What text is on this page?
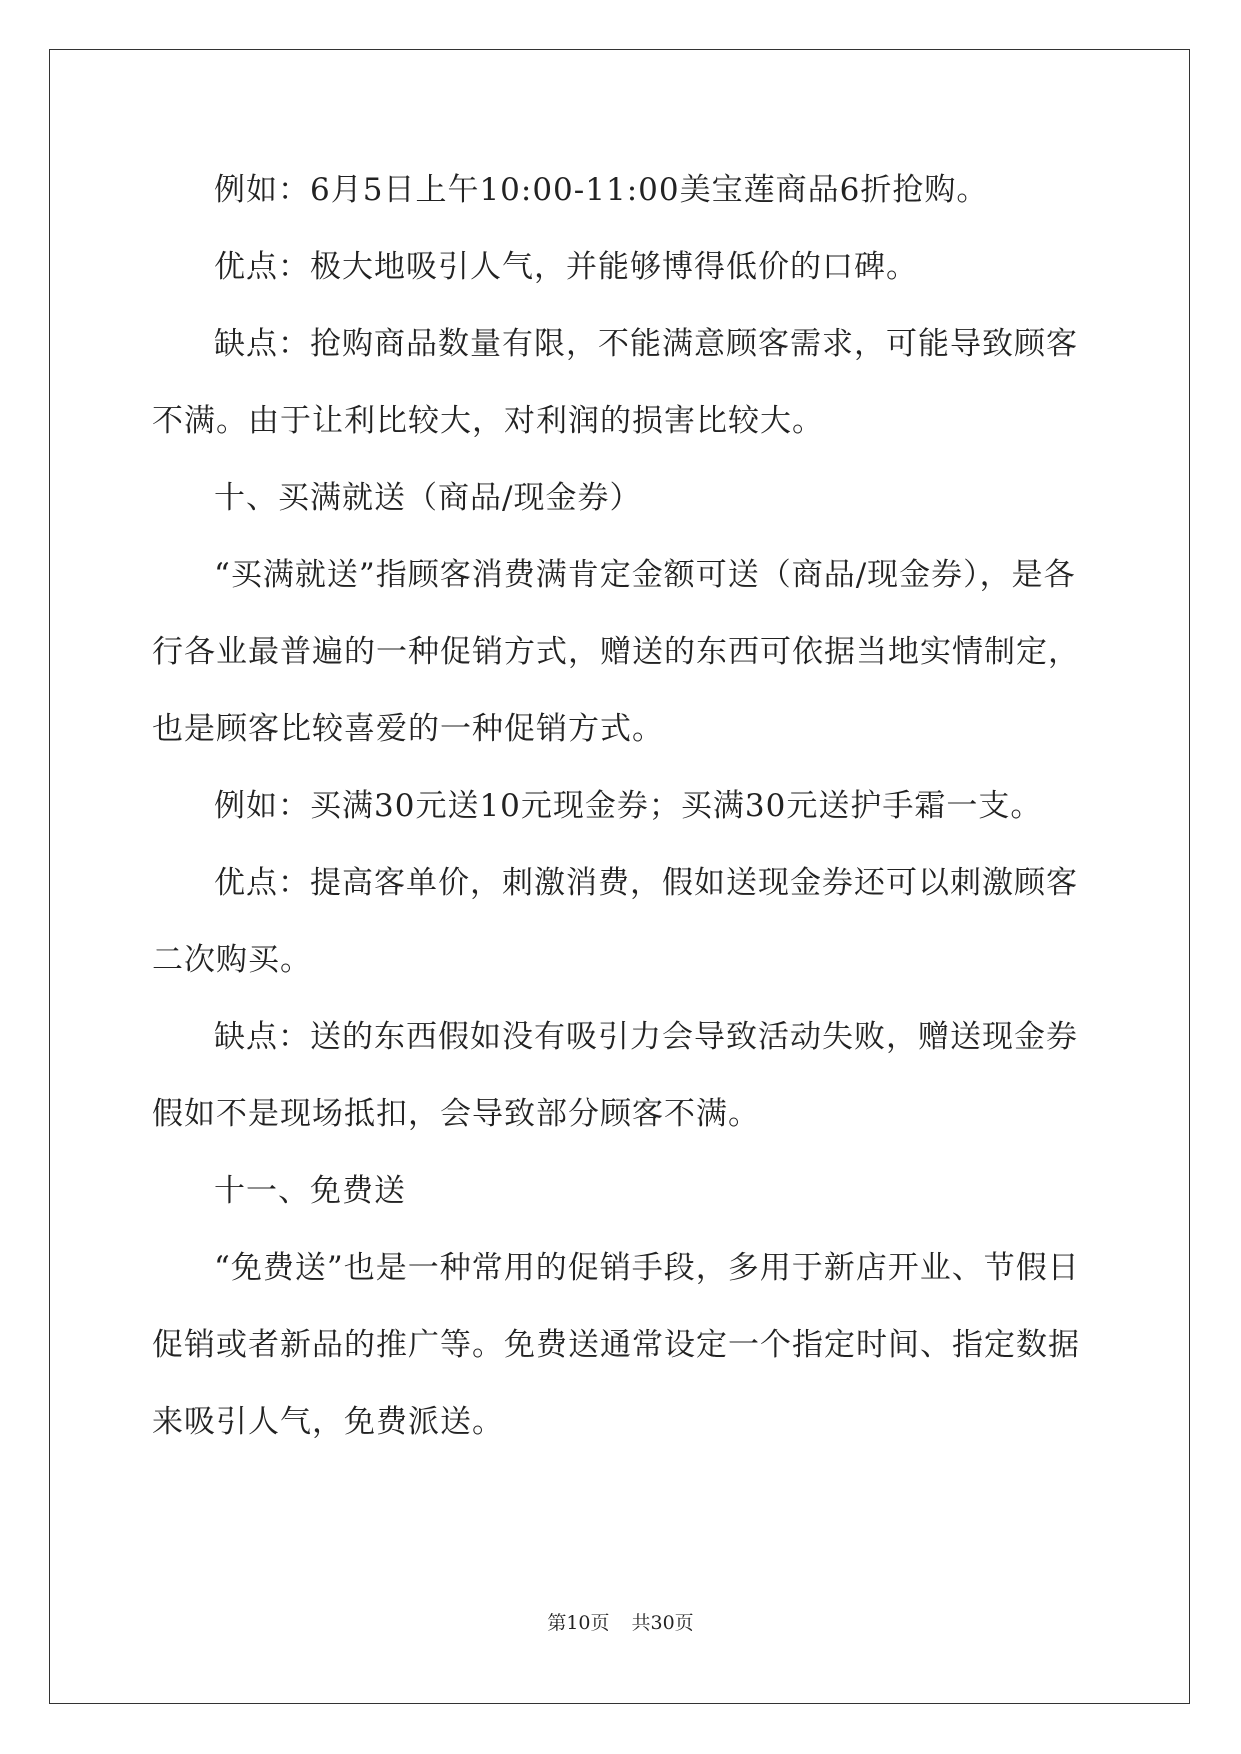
例如：6月5日上午10:00-11:00美宝莲商品6折抢购。

优点：极大地吸引人气，并能够博得低价的口碑。

缺点：抢购商品数量有限，不能满意顾客需求，可能导致顾客不满。由于让利比较大，对利润的损害比较大。

十、买满就送（商品/现金券）

“买满就送”指顾客消费满肯定金额可送（商品/现金券），是各行各业最普遍的一种促销方式，赠送的东西可依据当地实情制定，也是顾客比较喜爱的一种促销方式。

例如：买满30元送10元现金券；买满30元送护手霜一支。

优点：提高客单价，刺激消费，假如送现金券还可以刺激顾客二次购买。

缺点：送的东西假如没有吸引力会导致活动失败，赠送现金券假如不是现场抵扣，会导致部分顾客不满。

十一、免费送

“免费送”也是一种常用的促销手段，多用于新店开业、节假日促销或者新品的推广等。免费送通常设定一个指定时间、指定数据来吸引人气，免费派送。

第10页 共30页
